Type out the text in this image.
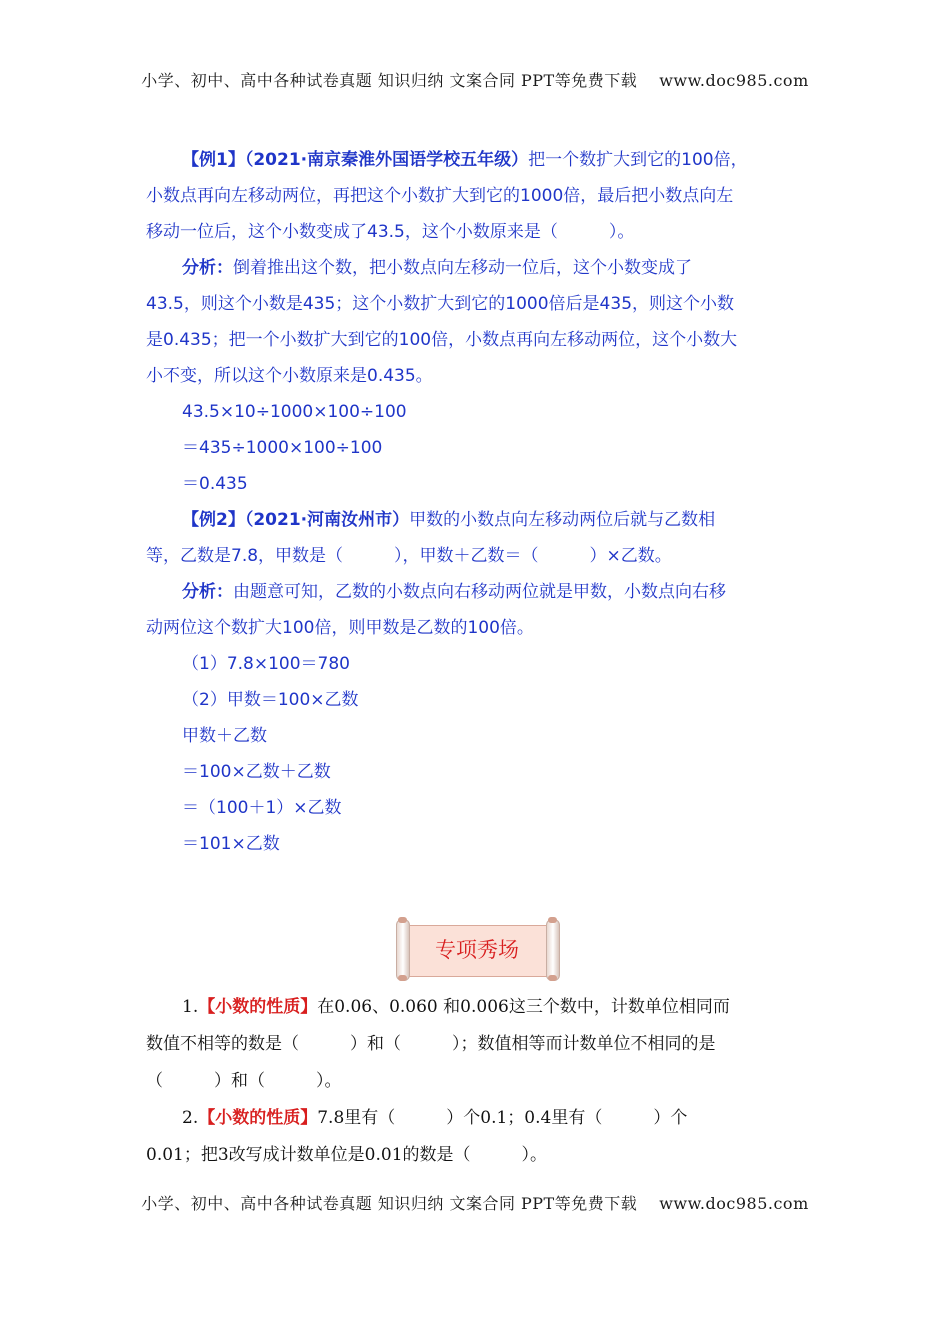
小学、初中、高中各种试卷真题 知识归纳 文案合同 PPT等免费下载 www.doc985.com
【例1】（2021·南京秦淮外国语学校五年级）把一个数扩大到它的100倍，
小数点再向左移动两位，再把这个小数扩大到它的1000倍，最后把小数点向左
移动一位后，这个小数变成了43.5，这个小数原来是（　　　）。
分析：倒着推出这个数，把小数点向左移动一位后，这个小数变成了
43.5，则这个小数是435；这个小数扩大到它的1000倍后是435，则这个小数
是0.435；把一个小数扩大到它的100倍，小数点再向左移动两位，这个小数大
小不变，所以这个小数原来是0.435。
43.5×10÷1000×100÷100
＝435÷1000×100÷100
＝0.435
【例2】（2021·河南汝州市）甲数的小数点向左移动两位后就与乙数相
等，乙数是7.8，甲数是（　　　），甲数＋乙数＝（　　　）×乙数。
分析：由题意可知，乙数的小数点向右移动两位就是甲数，小数点向右移
动两位这个数扩大100倍，则甲数是乙数的100倍。
（1）7.8×100＝780
（2）甲数＝100×乙数
甲数＋乙数
＝100×乙数＋乙数
＝（100＋1）×乙数
＝101×乙数
专项秀场
1.【小数的性质】在0.06、0.060 和0.006这三个数中，计数单位相同而
数值不相等的数是（　　　）和（　　　）；数值相等而计数单位不相同的是
（　　　）和（　　　）。
2.【小数的性质】7.8里有（　　　）个0.1；0.4里有（　　　）个
0.01；把3改写成计数单位是0.01的数是（　　　）。
小学、初中、高中各种试卷真题 知识归纳 文案合同 PPT等免费下载 www.doc985.com
